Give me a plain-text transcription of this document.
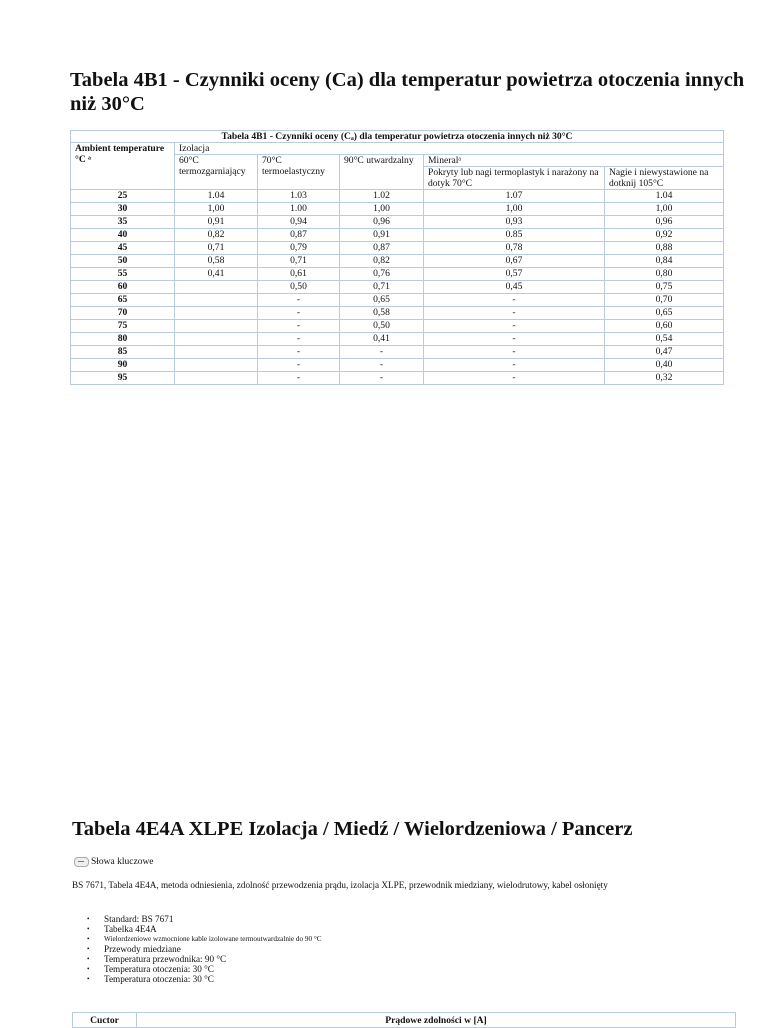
Tabela 4B1 - Czynniki oceny (Ca) dla temperatur powietrza otoczenia innych niż 30°C
Tabela 4B1 - Czynniki oceny (Cₐ) dla temperatur powietrza otoczenia innych niż 30°C					
Ambient temperature °C ᵃ	Izolacja				
	60°C termozgarniający	70°C termoelastyczny	90°C utwardzalny	Mineralᵃ	
				Pokryty lub nagi termoplastyk i narażony na dotyk 70°C	Nagie i niewystawione na dotknij 105°C
25	1.04	1.03	1.02	1.07	1.04
30	1,00	1.00	1,00	1,00	1,00
35	0,91	0,94	0,96	0,93	0,96
40	0,82	0,87	0,91	0.85	0,92
45	0,71	0,79	0,87	0,78	0,88
50	0,58	0,71	0,82	0,67	0,84
55	0,41	0,61	0,76	0,57	0,80
60		0,50	0,71	0,45	0,75
65		-	0,65	-	0,70
70		-	0,58	-	0,65
75		-	0,50	-	0,60
80		-	0,41	-	0,54
85		-	-	-	0,47
90		-	-	-	0,40
95		-	-	-	0,32
Tabela 4E4A XLPE Izolacja / Miedź / Wielordzeniowa / Pancerz
Słowa kluczowe
BS 7671, Tabela 4E4A, metoda odniesienia, zdolność przewodzenia prądu, izolacja XLPE, przewodnik miedziany, wielodrutowy, kabel osłonięty
• Standard: BS 7671
• Tabelka 4E4A
• Wielordzeniowe wzmocnione kable izolowane termoutwardzalnie do 90 °C
• Przewody miedziane
• Temperatura przewodnika: 90 °C
• Temperatura otoczenia: 30 °C
• Temperatura otoczenia: 30 °C
Cuctor	Prądowe zdolności w [A]
